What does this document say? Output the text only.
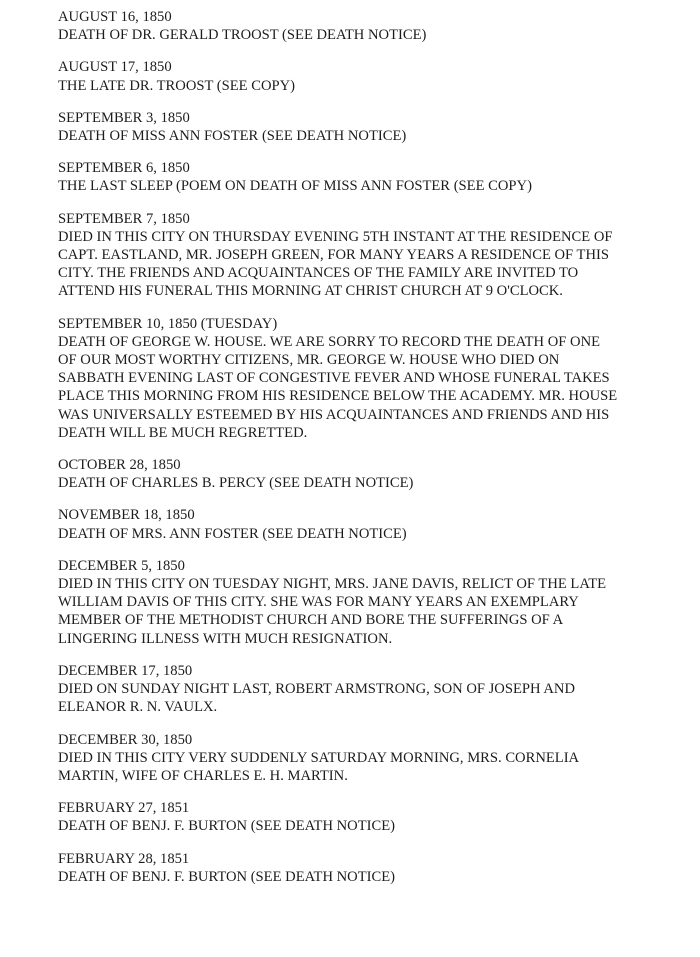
AUGUST 16, 1850
DEATH OF DR. GERALD TROOST (SEE DEATH NOTICE)
AUGUST 17, 1850
THE LATE DR. TROOST (SEE COPY)
SEPTEMBER 3, 1850
DEATH OF MISS ANN FOSTER (SEE DEATH NOTICE)
SEPTEMBER 6, 1850
THE LAST SLEEP (POEM ON DEATH OF MISS ANN FOSTER (SEE COPY)
SEPTEMBER 7, 1850
DIED IN THIS CITY ON THURSDAY EVENING 5TH INSTANT AT THE RESIDENCE OF
CAPT. EASTLAND, MR. JOSEPH GREEN, FOR MANY YEARS A RESIDENCE OF THIS
CITY. THE FRIENDS AND ACQUAINTANCES OF THE FAMILY ARE INVITED TO
ATTEND HIS FUNERAL THIS MORNING AT CHRIST CHURCH AT 9 O'CLOCK.
SEPTEMBER 10, 1850 (TUESDAY)
DEATH OF GEORGE W. HOUSE. WE ARE SORRY TO RECORD THE DEATH OF ONE
OF OUR MOST WORTHY CITIZENS, MR. GEORGE W. HOUSE WHO DIED ON
SABBATH EVENING LAST OF CONGESTIVE FEVER AND WHOSE FUNERAL TAKES
PLACE THIS MORNING FROM HIS RESIDENCE BELOW THE ACADEMY. MR. HOUSE
WAS UNIVERSALLY ESTEEMED BY HIS ACQUAINTANCES AND FRIENDS AND HIS
DEATH WILL BE MUCH REGRETTED.
OCTOBER 28, 1850
DEATH OF CHARLES B. PERCY (SEE DEATH NOTICE)
NOVEMBER 18, 1850
DEATH OF MRS. ANN FOSTER (SEE DEATH NOTICE)
DECEMBER 5, 1850
DIED IN THIS CITY ON TUESDAY NIGHT, MRS. JANE DAVIS, RELICT OF THE LATE
WILLIAM DAVIS OF THIS CITY. SHE WAS FOR MANY YEARS AN EXEMPLARY
MEMBER OF THE METHODIST CHURCH AND BORE THE SUFFERINGS OF A
LINGERING ILLNESS WITH MUCH RESIGNATION.
DECEMBER 17, 1850
DIED ON SUNDAY NIGHT LAST, ROBERT ARMSTRONG, SON OF JOSEPH AND
ELEANOR R. N. VAULX.
DECEMBER 30, 1850
DIED IN THIS CITY VERY SUDDENLY SATURDAY MORNING, MRS. CORNELIA
MARTIN, WIFE OF CHARLES E. H. MARTIN.
FEBRUARY 27, 1851
DEATH OF BENJ. F. BURTON (SEE DEATH NOTICE)
FEBRUARY 28, 1851
DEATH OF BENJ. F. BURTON (SEE DEATH NOTICE)
